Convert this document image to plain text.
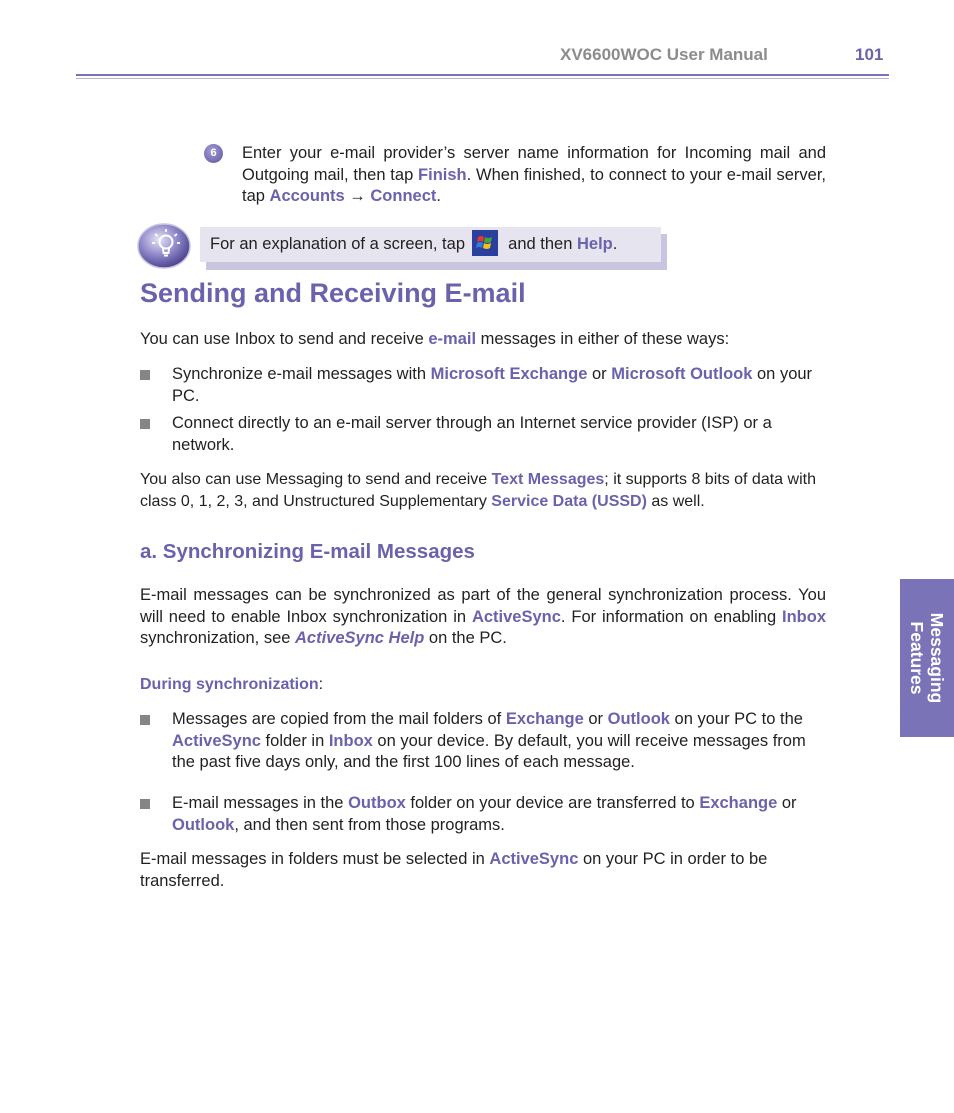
XV6600WOC User Manual	101
6	Enter your e-mail provider’s server name information for Incoming mail and Outgoing mail, then tap Finish. When finished, to connect to your e-mail server, tap Accounts → Connect.
For an explanation of a screen, tap  and then Help.
Sending and Receiving E-mail

You can use Inbox to send and receive e-mail messages in either of these ways:

Synchronize e-mail messages with Microsoft Exchange or Microsoft Outlook on your PC.
Connect directly to an e-mail server through an Internet service provider (ISP) or a network.

You also can use Messaging to send and receive Text Messages; it supports 8 bits of data with class 0, 1, 2, 3, and Unstructured Supplementary Service Data (USSD) as well.

a. Synchronizing E-mail Messages

E-mail messages can be synchronized as part of the general synchronization process. You will need to enable Inbox synchronization in ActiveSync. For information on enabling Inbox synchronization, see ActiveSync Help on the PC.

During synchronization:
Messages are copied from the mail folders of Exchange or Outlook on your PC to the ActiveSync folder in Inbox on your device. By default, you will receive messages from the past five days only, and the first 100 lines of each message.
E-mail messages in the Outbox folder on your device are transferred to Exchange or Outlook, and then sent from those programs.

E-mail messages in folders must be selected in ActiveSync on your PC in order to be transferred.

Messaging
Features
